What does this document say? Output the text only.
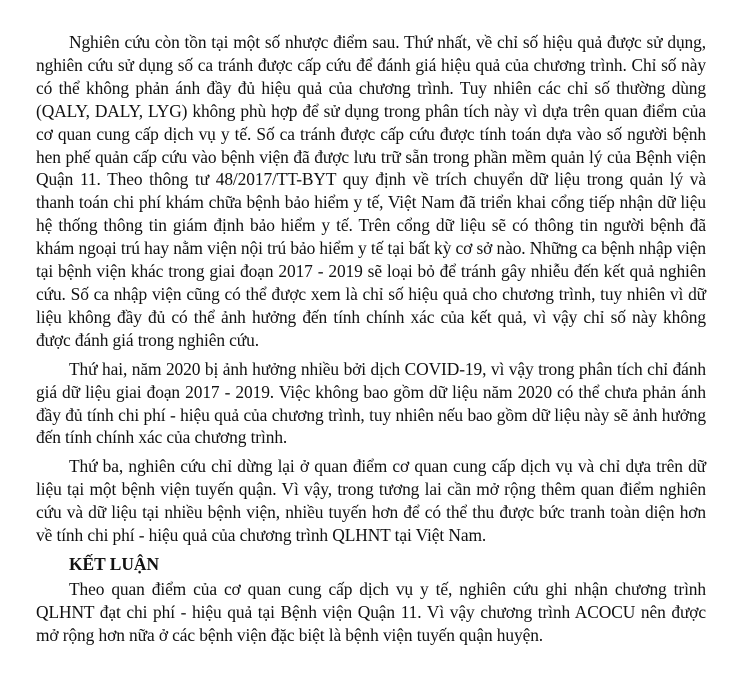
Nghiên cứu còn tồn tại một số nhược điểm sau. Thứ nhất, về chỉ số hiệu quả được sử dụng, nghiên cứu sử dụng số ca tránh được cấp cứu để đánh giá hiệu quả của chương trình. Chỉ số này có thể không phản ánh đầy đủ hiệu quả của chương trình. Tuy nhiên các chỉ số thường dùng (QALY, DALY, LYG) không phù hợp để sử dụng trong phân tích này vì dựa trên quan điểm của cơ quan cung cấp dịch vụ y tế. Số ca tránh được cấp cứu được tính toán dựa vào số người bệnh hen phế quản cấp cứu vào bệnh viện đã được lưu trữ sẵn trong phần mềm quản lý của Bệnh viện Quận 11. Theo thông tư 48/2017/TT-BYT quy định về trích chuyển dữ liệu trong quản lý và thanh toán chi phí khám chữa bệnh bảo hiểm y tế, Việt Nam đã triển khai cổng tiếp nhận dữ liệu hệ thống thông tin giám định bảo hiểm y tế. Trên cổng dữ liệu sẽ có thông tin người bệnh đã khám ngoại trú hay nằm viện nội trú bảo hiểm y tế tại bất kỳ cơ sở nào. Những ca bệnh nhập viện tại bệnh viện khác trong giai đoạn 2017 - 2019 sẽ loại bỏ để tránh gây nhiễu đến kết quả nghiên cứu. Số ca nhập viện cũng có thể được xem là chỉ số hiệu quả cho chương trình, tuy nhiên vì dữ liệu không đầy đủ có thể ảnh hưởng đến tính chính xác của kết quả, vì vậy chỉ số này không được đánh giá trong nghiên cứu.

Thứ hai, năm 2020 bị ảnh hưởng nhiều bởi dịch COVID-19, vì vậy trong phân tích chỉ đánh giá dữ liệu giai đoạn 2017 - 2019. Việc không bao gồm dữ liệu năm 2020 có thể chưa phản ánh đầy đủ tính chi phí - hiệu quả của chương trình, tuy nhiên nếu bao gồm dữ liệu này sẽ ảnh hưởng đến tính chính xác của chương trình.

Thứ ba, nghiên cứu chỉ dừng lại ở quan điểm cơ quan cung cấp dịch vụ và chỉ dựa trên dữ liệu tại một bệnh viện tuyến quận. Vì vậy, trong tương lai cần mở rộng thêm quan điểm nghiên cứu và dữ liệu tại nhiều bệnh viện, nhiều tuyến hơn để có thể thu được bức tranh toàn diện hơn về tính chi phí - hiệu quả của chương trình QLHNT tại Việt Nam.

KẾT LUẬN

Theo quan điểm của cơ quan cung cấp dịch vụ y tế, nghiên cứu ghi nhận chương trình QLHNT đạt chi phí - hiệu quả tại Bệnh viện Quận 11. Vì vậy chương trình ACOCU nên được mở rộng hơn nữa ở các bệnh viện đặc biệt là bệnh viện tuyến quận huyện.
